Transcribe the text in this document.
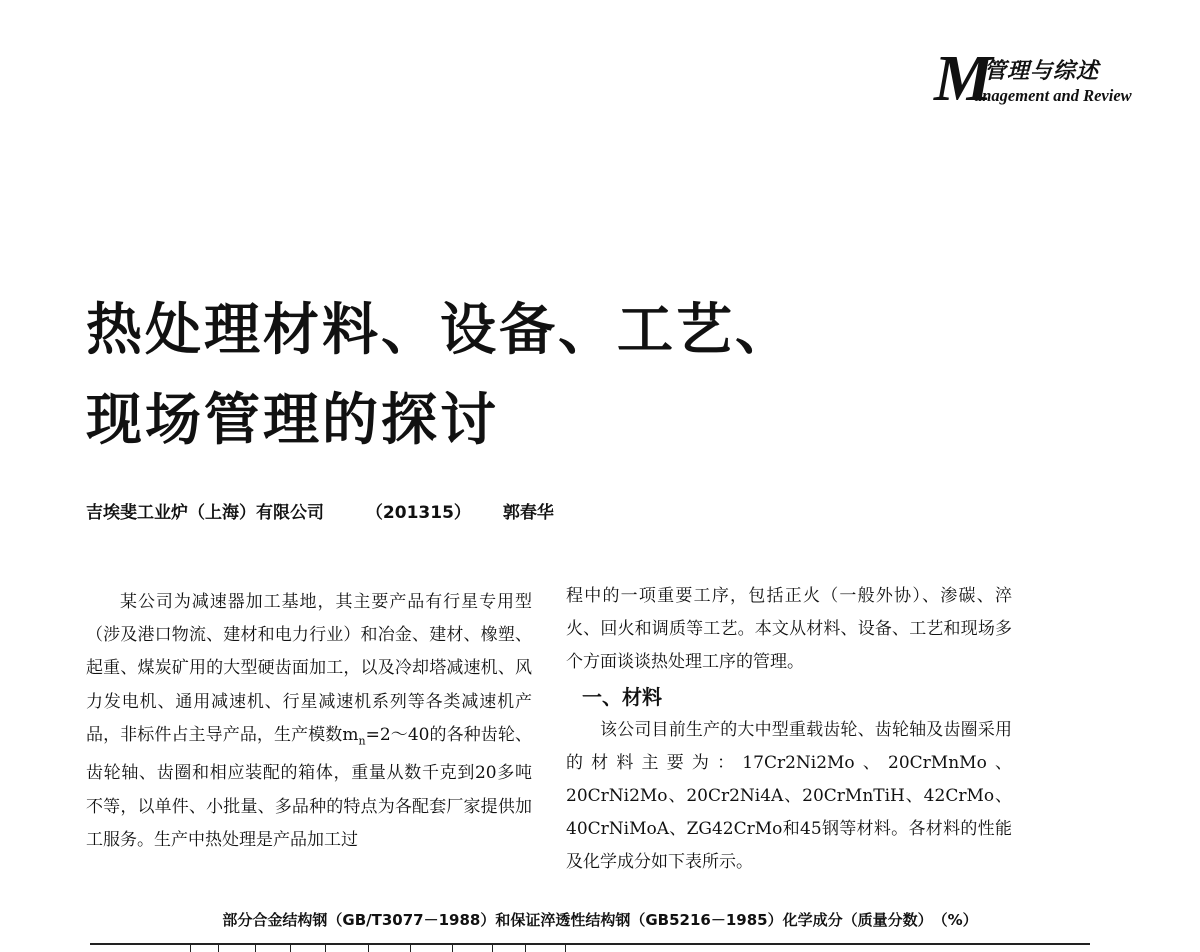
M
管理与综述
anagement and Review
热处理材料、设备、工艺、
现场管理的探讨
吉埃斐工业炉（上海）有限公司 （201315） 郭春华

某公司为减速器加工基地，其主要产品有行星专用型（涉及港口物流、建材和电力行业）和冶金、建材、橡塑、起重、煤炭矿用的大型硬齿面加工，以及冷却塔减速机、风力发电机、通用减速机、行星减速机系列等各类减速机产品，非标件占主导产品，生产模数$m_n=2\sim 40$的各种齿轮、齿轮轴、齿圈和相应装配的箱体，重量从数千克到20多吨不等，以单件、小批量、多品种的特点为各配套厂家提供加工服务。生产中热处理是产品加工过

程中的一项重要工序，包括正火（一般外协）、渗碳、淬火、回火和调质等工艺。本文从材料、设备、工艺和现场多个方面谈谈热处理工序的管理。

一、材料

该公司目前生产的大中型重载齿轮、齿轮轴及齿圈采用的材料主要为：17Cr2Ni2Mo、20CrMnMo、20CrNi2Mo、20Cr2Ni4A、20CrMnTiH、42CrMo、40CrNiMoA、ZG42CrMo和45钢等材料。各材料的性能及化学成分如下表所示。

部分合金结构钢（GB/T3077－1988）和保证淬透性结构钢（GB5216－1985）化学成分（质量分数）　（%）
